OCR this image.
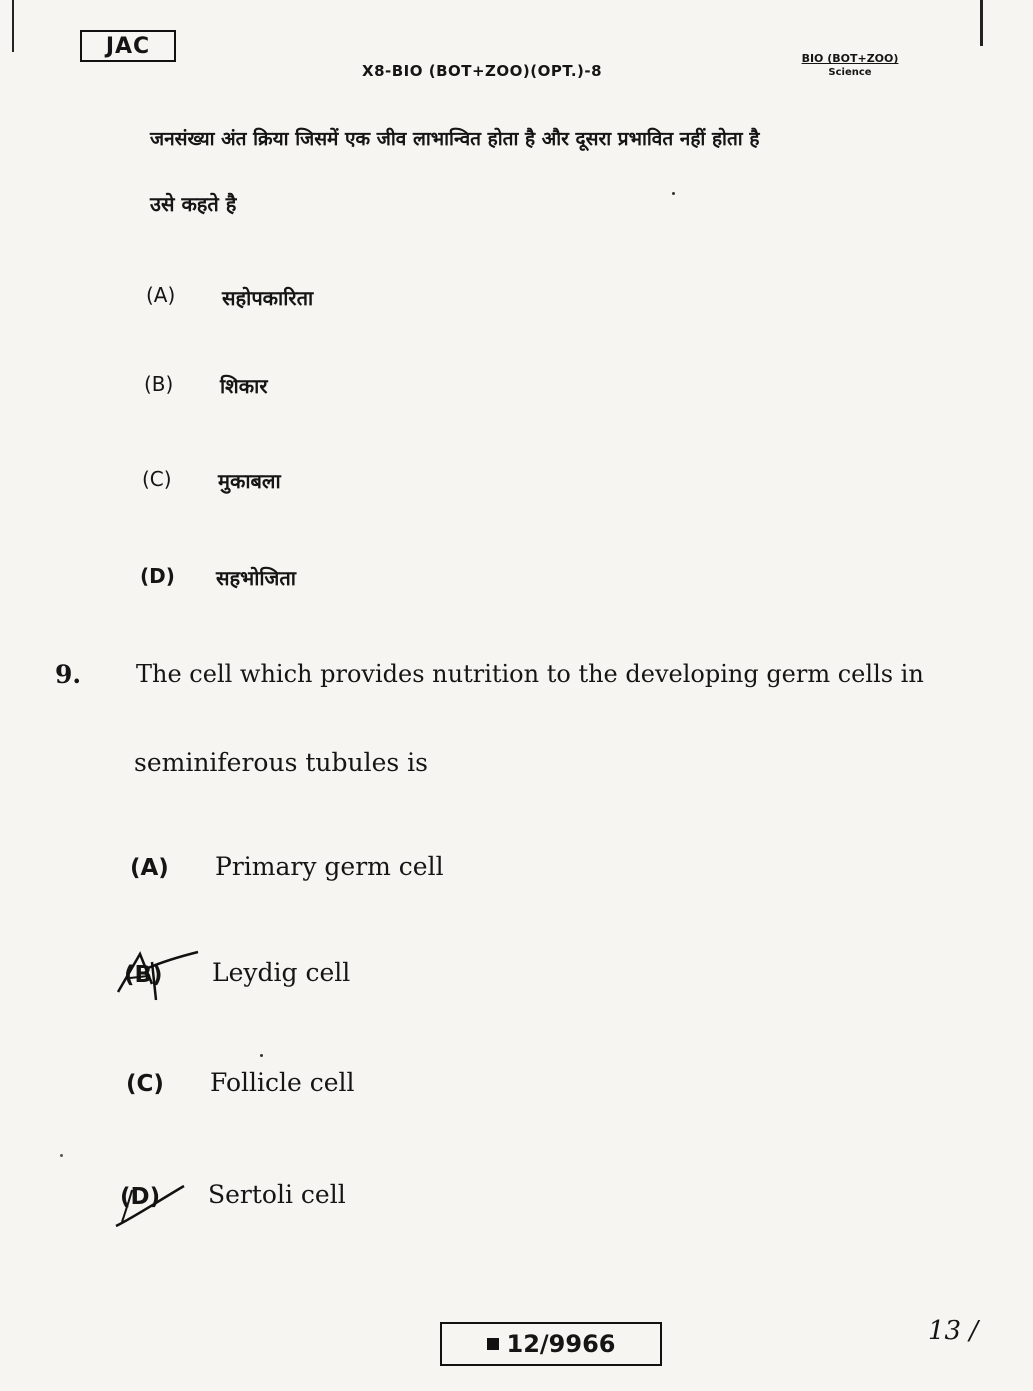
JAC
X8-BIO (BOT+ZOO)(OPT.)-8
BIO (BOT+ZOO)
Science
जनसंख्या अंत क्रिया जिसमें एक जीव लाभान्वित होता है और दूसरा प्रभावित नहीं होता है
उसे कहते है
(A) सहोपकारिता
(B) शिकार
(C) मुकाबला
(D) सहभोजिता
9. The cell which provides nutrition to the developing germ cells in
seminiferous tubules is
(A) Primary germ cell
(B) Leydig cell
(C) Follicle cell
(D) Sertoli cell
12/9966	13 /
